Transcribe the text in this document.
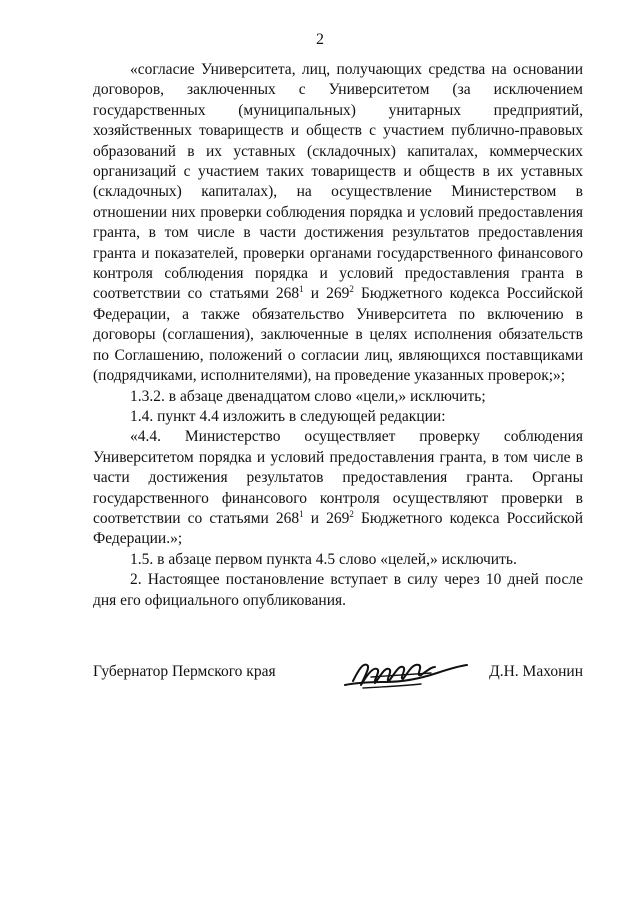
2

«согласие Университета, лиц, получающих средства на основании договоров, заключенных с Университетом (за исключением государственных (муниципальных) унитарных предприятий, хозяйственных товариществ и обществ с участием публично-правовых образований в их уставных (складочных) капиталах, коммерческих организаций с участием таких товариществ и обществ в их уставных (складочных) капиталах), на осуществление Министерством в отношении них проверки соблюдения порядка и условий предоставления гранта, в том числе в части достижения результатов предоставления гранта и показателей, проверки органами государственного финансового контроля соблюдения порядка и условий предоставления гранта в соответствии со статьями $268^1$ и $269^2$ Бюджетного кодекса Российской Федерации, а также обязательство Университета по включению в договоры (соглашения), заключенные в целях исполнения обязательств по Соглашению, положений о согласии лиц, являющихся поставщиками (подрядчиками, исполнителями), на проведение указанных проверок;»;

1.3.2. в абзаце двенадцатом слово «цели,» исключить;

1.4. пункт 4.4 изложить в следующей редакции:

«4.4. Министерство осуществляет проверку соблюдения Университетом порядка и условий предоставления гранта, в том числе в части достижения результатов предоставления гранта. Органы государственного финансового контроля осуществляют проверки в соответствии со статьями $268^1$ и $269^2$ Бюджетного кодекса Российской Федерации.»;

1.5. в абзаце первом пункта 4.5 слово «целей,» исключить.

2. Настоящее постановление вступает в силу через 10 дней после дня его официального опубликования.

Губернатор Пермского края	Д.Н. Махонин
